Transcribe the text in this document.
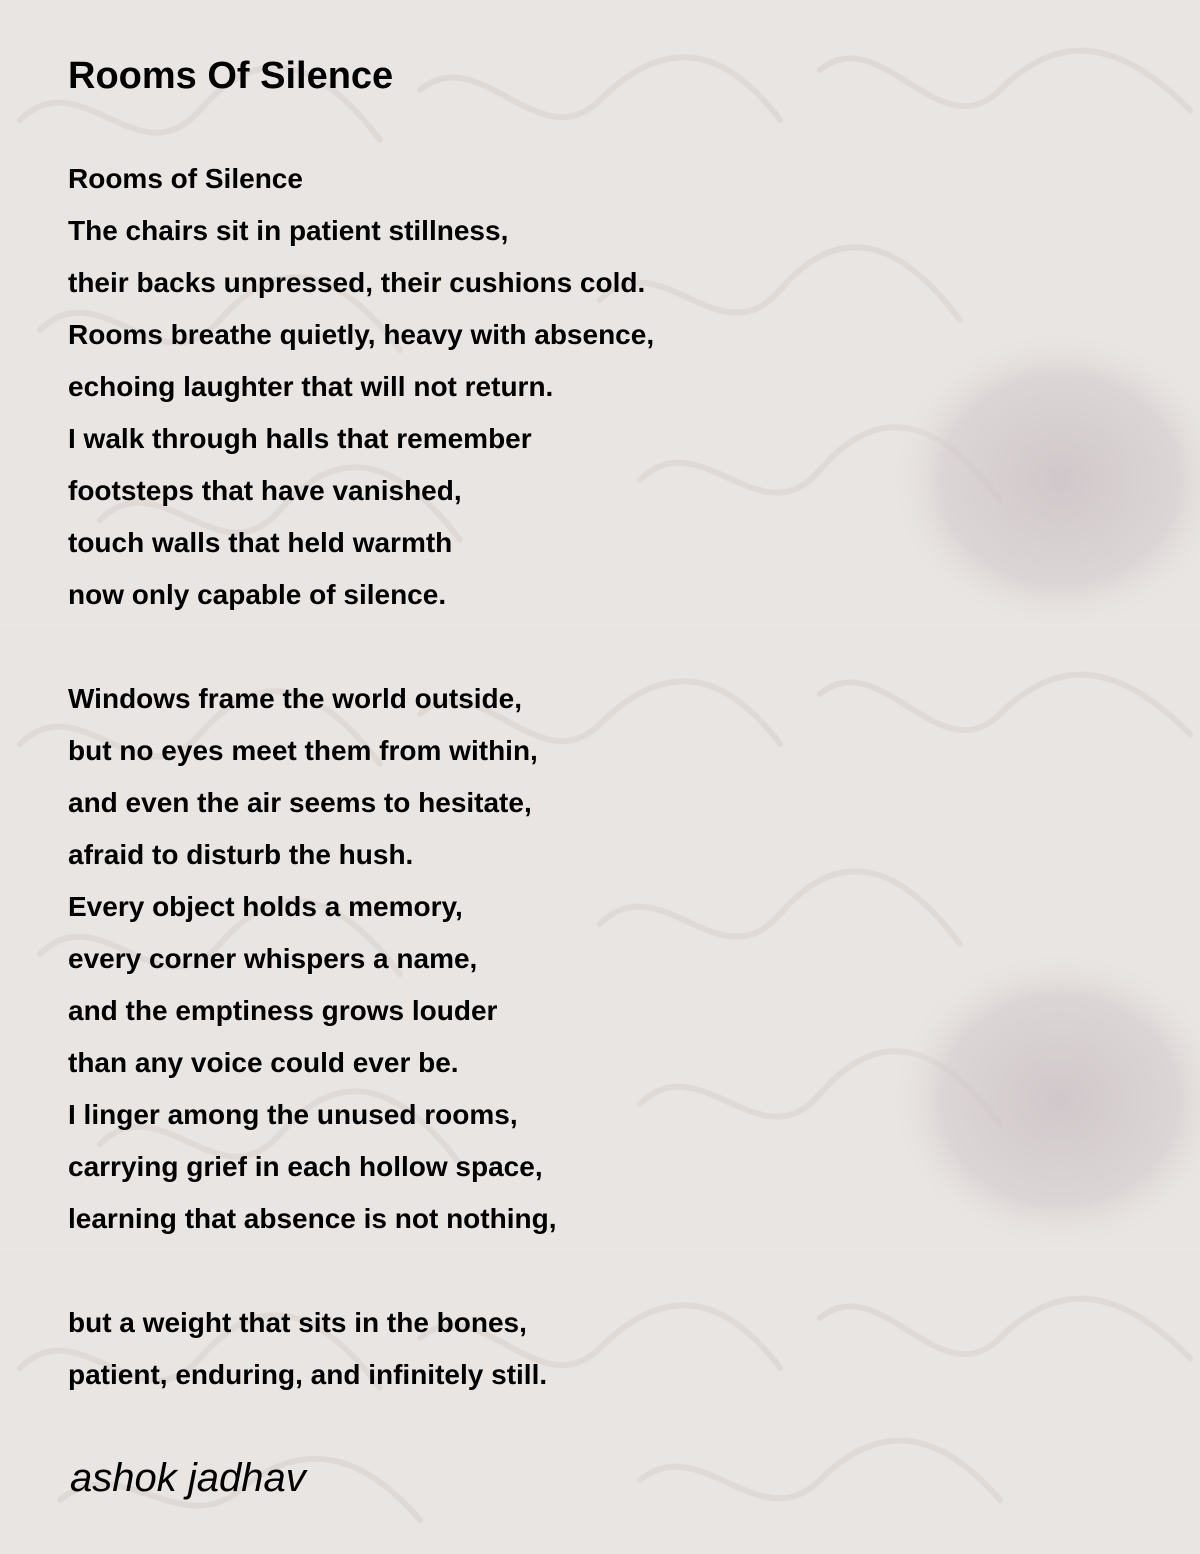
Rooms Of Silence

Rooms of Silence
The chairs sit in patient stillness,
their backs unpressed, their cushions cold.
Rooms breathe quietly, heavy with absence,
echoing laughter that will not return.
I walk through halls that remember
footsteps that have vanished,
touch walls that held warmth
now only capable of silence.

Windows frame the world outside,
but no eyes meet them from within,
and even the air seems to hesitate,
afraid to disturb the hush.
Every object holds a memory,
every corner whispers a name,
and the emptiness grows louder
than any voice could ever be.
I linger among the unused rooms,
carrying grief in each hollow space,
learning that absence is not nothing,

but a weight that sits in the bones,
patient, enduring, and infinitely still.

ashok jadhav
